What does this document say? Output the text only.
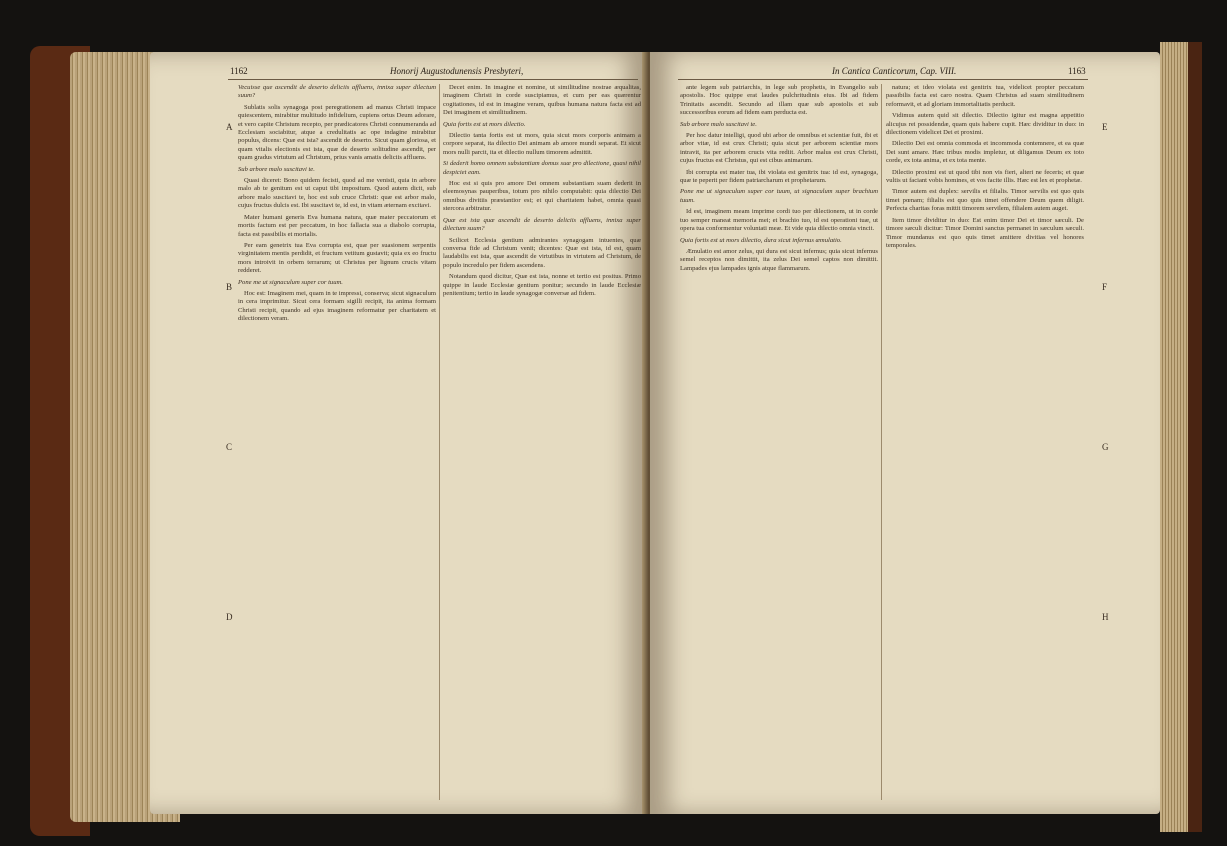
1162	Honorij Augustodunensis Presbyteri,
A
B
C
D

Vecuisse que ascendit de deserto deliciis affluens, innixa super dilectum suum?

Sublatis solis synagoga post peregrationem ad manus Christi impace quiescentem, mirabitur multitudo infidelium, cupiens ortus Deum adorare, et vero capite Christum recepto, per prædicatores Christi connumeranda ad Ecclesiam sociabitur, atque a credulitatis ac ope indagine mirabitur populus, dicens: Quæ est ista? ascendit de deserto. Sicut quam gloriosa, et quam vitalis electionis est ista, quæ de deserto solitudine ascendit, per quam gradus virtutum ad Christum, prius vanis amatis deliciis affluens.

Sub arbore malo suscitavi te.

Quasi diceret: Bono quidem fecisti, quod ad me venisti, quia in arbore malo ab te genitum est ut caput tibi impositum. Quod autem dicit, sub arbore malo suscitavi te, hoc est sub cruce Christi: quæ est arbor malo, cujus fructus dulcis est. Ibi suscitavi te, id est, in vitam æternam excitavi.

Mater humani generis Eva humana natura, quæ mater peccatorum et mortis factum est per peccatum, in hoc fallacia sua a diabolo corrupta, facta est passibilis et mortalis.

Per eam genetrix tua Eva corrupta est, quæ per suasionem serpentis virginitatem mentis perdidit, et fructum vetitum gustavit; quia ex eo fructu mors introivit in orbem terrarum; ut Christus per lignum crucis vitam redderet.

Pone me ut signaculum super cor tuum.

Hoc est: Imaginem mei, quam in te impressi, conserva; sicut signaculum in cera imprimitur. Sicut cera formam sigilli recipit, ita anima formam Christi recipit, quando ad ejus imaginem reformatur per charitatem et dilectionem veram.

Decet enim. In imagine et nomine, ut similitudine nostrae æqualitas, imaginem Christi in corde suscipiamus, et cum per eas quærentur cogitationes, id est in imagine veram, quibus humana natura facta est ad Dei imaginem et similitudinem.

Quia fortis est ut mors dilectio.

Dilectio tanta fortis est ut mors, quia sicut mors corporis animam a corpore separat, ita dilectio Dei animam ab amore mundi separat. Et sicut mors nulli parcit, ita et dilectio nullum timorem admittit.

Si dederit homo omnem substantiam domus suæ pro dilectione, quasi nihil despiciet eam.

Hoc est si quis pro amore Dei omnem substantiam suam dederit in eleemosynas pauperibus, totum pro nihilo computabit: quia dilectio Dei omnibus divitiis præstantior est; et qui charitatem habet, omnia quasi stercora arbitratur.

Quæ est ista quæ ascendit de deserto deliciis affluens, innixa super dilectum suum?

Scilicet Ecclesia gentium admirantes synagogam intuentes, quæ conversa fide ad Christum venit; dicentes: Quæ est ista, id est, quam laudabilis est ista, quæ ascendit de virtutibus in virtutem ad Christum, de populo incredulo per fidem ascendens.

Notandum quod dicitur, Quæ est ista, nonne et tertio est positus. Primo quippe in laude Ecclesiæ gentium ponitur; secundo in laude Ecclesiæ penitentium; tertio in laude synagogæ conversæ ad fidem.

In Cantica Canticorum, Cap. VIII.	1163

ante legem sub patriarchis, in lege sub prophetis, in Evangelio sub apostolis. Hoc quippe erat laudes pulchritudinis eius. Ibi ad fidem Trinitatis ascendit. Secundo ad illam quæ sub apostolis et sub successoribus eorum ad fidem eam perducta est.

Sub arbore malo suscitavi te.

Per hoc datur intelligi, quod ubi arbor de omnibus et scientiæ fuit, ibi et arbor vitæ, id est crux Christi; quia sicut per arborem scientiæ mors intravit, ita per arborem crucis vita rediit. Arbor malus est crux Christi, cujus fructus est Christus, qui est cibus animarum.

Ibi corrupta est mater tua, ibi violata est genitrix tua: id est, synagoga, quæ te peperit per fidem patriarcharum et prophetarum.

Pone me ut signaculum super cor tuum, ut signaculum super brachium tuum.

Id est, imaginem meam imprime cordi tuo per dilectionem, ut in corde tuo semper maneat memoria mei; et brachio tuo, id est operationi tuæ, ut opera tua conformentur voluntati meæ. Et vide quia dilectio omnia vincit.

Quia fortis est ut mors dilectio, dura sicut infernus æmulatio.

Æmulatio est amor zelus, qui dura est sicut infernus; quia sicut infernus semel receptos non dimittit, ita zelus Dei semel captos non dimittit. Lampades ejus lampades ignis atque flammarum.

natura; et ideo violata est genitrix tua, videlicet propter peccatum passibilis facta est caro nostra. Quam Christus ad suam similitudinem reformavit, et ad gloriam immortalitatis perducit.

Vidimus autem quid sit dilectio. Dilectio igitur est magna appetitio alicujus rei possidendæ, quam quis habere cupit. Hæc dividitur in duo: in dilectionem videlicet Dei et proximi.

Dilectio Dei est omnia commoda et incommoda contemnere, et ea quæ Dei sunt amare. Hæc tribus modis impletur, ut diligamus Deum ex toto corde, ex tota anima, et ex tota mente.

Dilectio proximi est ut quod tibi non vis fieri, alteri ne feceris; et quæ vultis ut faciant vobis homines, et vos facite illis. Hæc est lex et prophetæ.

Timor autem est duplex: servilis et filialis. Timor servilis est quo quis timet pœnam; filialis est quo quis timet offendere Deum quem diligit. Perfecta charitas foras mittit timorem servilem, filialem autem auget.

Item timor dividitur in duo: Est enim timor Dei et timor sæculi. De timore sæculi dicitur: Timor Domini sanctus permanet in sæculum sæculi. Timor mundanus est quo quis timet amittere divitias vel honores temporales.

E
F
G
H
